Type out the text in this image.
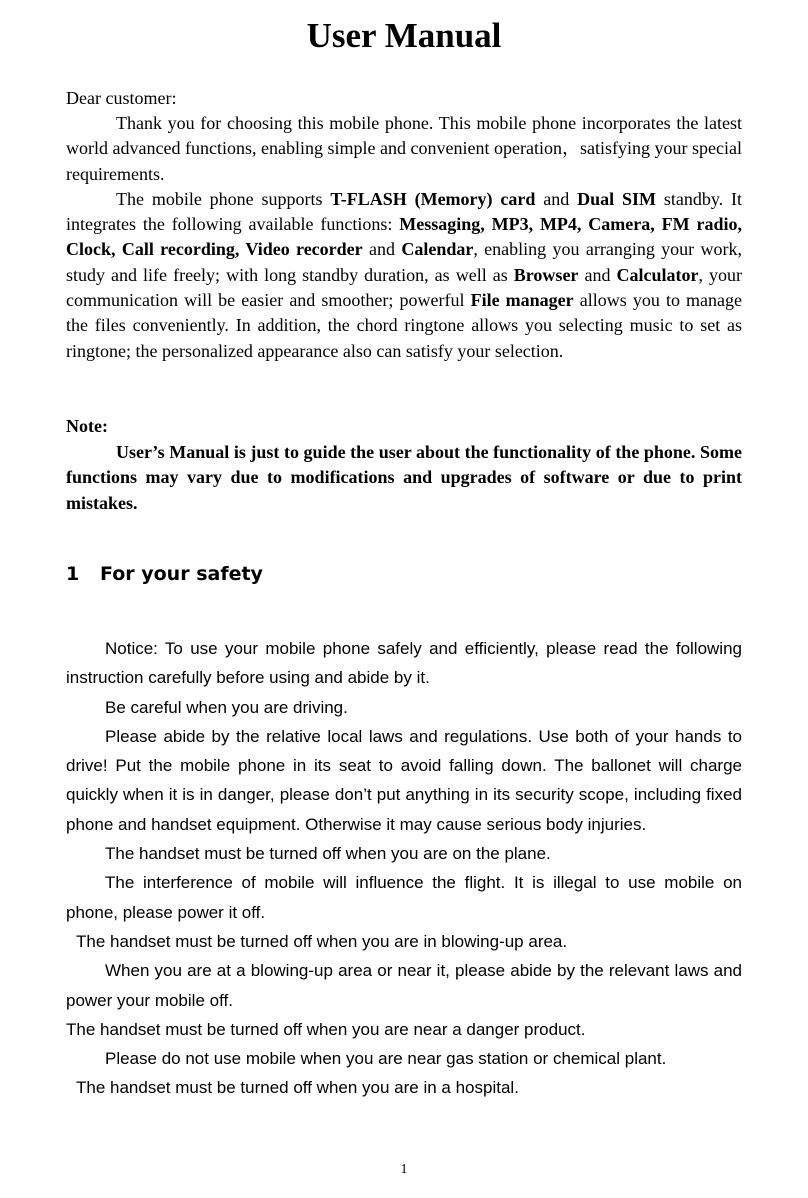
User Manual
Dear customer:

Thank you for choosing this mobile phone. This mobile phone incorporates the latest world advanced functions, enabling simple and convenient operation，satisfying your special requirements.

The mobile phone supports T-FLASH (Memory) card and Dual SIM standby. It integrates the following available functions: Messaging, MP3, MP4, Camera, FM radio, Clock, Call recording, Video recorder and Calendar, enabling you arranging your work, study and life freely; with long standby duration, as well as Browser and Calculator, your communication will be easier and smoother; powerful File manager allows you to manage the files conveniently. In addition, the chord ringtone allows you selecting music to set as ringtone; the personalized appearance also can satisfy your selection.

Note:

User’s Manual is just to guide the user about the functionality of the phone. Some functions may vary due to modifications and upgrades of software or due to print mistakes.

1 For your safety

Notice: To use your mobile phone safely and efficiently, please read the following instruction carefully before using and abide by it.

Be careful when you are driving.

Please abide by the relative local laws and regulations. Use both of your hands to drive! Put the mobile phone in its seat to avoid falling down. The ballonet will charge quickly when it is in danger, please don’t put anything in its security scope, including fixed phone and handset equipment. Otherwise it may cause serious body injuries.

The handset must be turned off when you are on the plane.

The interference of mobile will influence the flight. It is illegal to use mobile on phone, please power it off.

The handset must be turned off when you are in blowing-up area.

When you are at a blowing-up area or near it, please abide by the relevant laws and power your mobile off.

The handset must be turned off when you are near a danger product.

Please do not use mobile when you are near gas station or chemical plant.

The handset must be turned off when you are in a hospital.

1
